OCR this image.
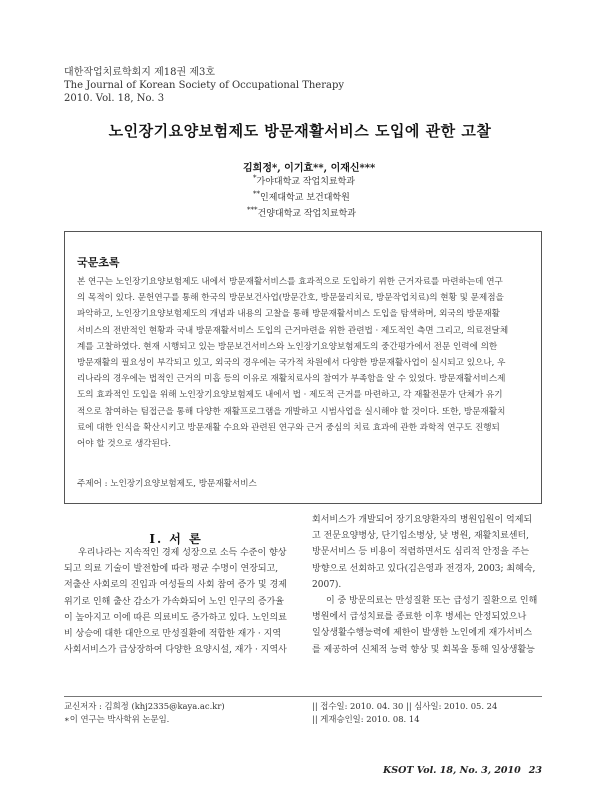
대한작업치료학회지 제18권 제3호
The Journal of Korean Society of Occupational Therapy
2010. Vol. 18, No. 3
노인장기요양보험제도 방문재활서비스 도입에 관한 고찰
김희정*, 이기효**, 이재신***
*가야대학교 작업치료학과
**인제대학교 보건대학원
***건양대학교 작업치료학과
국문초록
본 연구는 노인장기요양보험제도 내에서 방문재활서비스를 효과적으로 도입하기 위한 근거자료를 마련하는데 연구
의 목적이 있다. 문헌연구를 통해 한국의 방문보건사업(방문간호, 방문물리치료, 방문작업치료)의 현황 및 문제점을
파악하고, 노인장기요양보험제도의 개념과 내용의 고찰을 통해 방문재활서비스 도입을 탐색하며, 외국의 방문재활
서비스의 전반적인 현황과 국내 방문재활서비스 도입의 근거마련을 위한 관련법 · 제도적인 측면 그리고, 의료전달체
계를 고찰하였다. 현재 시행되고 있는 방문보건서비스와 노인장기요양보험제도의 중간평가에서 전문 인력에 의한
방문재활의 필요성이 부각되고 있고, 외국의 경우에는 국가적 차원에서 다양한 방문재활사업이 실시되고 있으나, 우
리나라의 경우에는 법적인 근거의 미흡 등의 이유로 재활치료사의 참여가 부족함을 알 수 있었다. 방문재활서비스제
도의 효과적인 도입을 위해 노인장기요양보험제도 내에서 법 · 제도적 근거를 마련하고, 각 재활전문가 단체가 유기
적으로 참여하는 팀접근을 통해 다양한 재활프로그램을 개발하고 시범사업을 실시해야 할 것이다. 또한, 방문재활치
료에 대한 인식을 확산시키고 방문재활 수요와 관련된 연구와 근거 중심의 치료 효과에 관한 과학적 연구도 진행되
어야 할 것으로 생각된다.
주제어 : 노인장기요양보험제도, 방문재활서비스
I. 서 론
우리나라는 지속적인 경제 성장으로 소득 수준이 향상
되고 의료 기술이 발전함에 따라 평균 수명이 연장되고,
저출산 사회로의 진입과 여성들의 사회 참여 증가 및 경제
위기로 인해 출산 감소가 가속화되어 노인 인구의 증가율
이 높아지고 이에 따른 의료비도 증가하고 있다. 노인의료
비 상승에 대한 대안으로 만성질환에 적합한 재가 · 지역
사회서비스가 급상장하여 다양한 요양시설, 재가 · 지역사
회서비스가 개발되어 장기요양환자의 병원입원이 억제되
고 전문요양병상, 단기입소병상, 낮 병원, 재활치료센터,
방문서비스 등 비용이 적렴하면서도 심리적 안정을 주는
방향으로 선회하고 있다(김은영과 전경자, 2003; 최혜숙,
2007).
이 중 방문의료는 만성질환 또는 급성기 질환으로 인해
병원에서 급성치료를 종료한 이후 병세는 안정되었으나
일상생활수행능력에 제한이 발생한 노인에게 재가서비스
를 제공하여 신체적 능력 향상 및 회복을 통해 일상생활능
교신저자 : 김희정 (khj2335@kaya.ac.kr)
∗이 연구는 박사학위 논문임.
|| 접수일: 2010. 04. 30 || 심사일: 2010. 05. 24
|| 게재승인일: 2010. 08. 14
KSOT Vol. 18, No. 3, 2010 23
